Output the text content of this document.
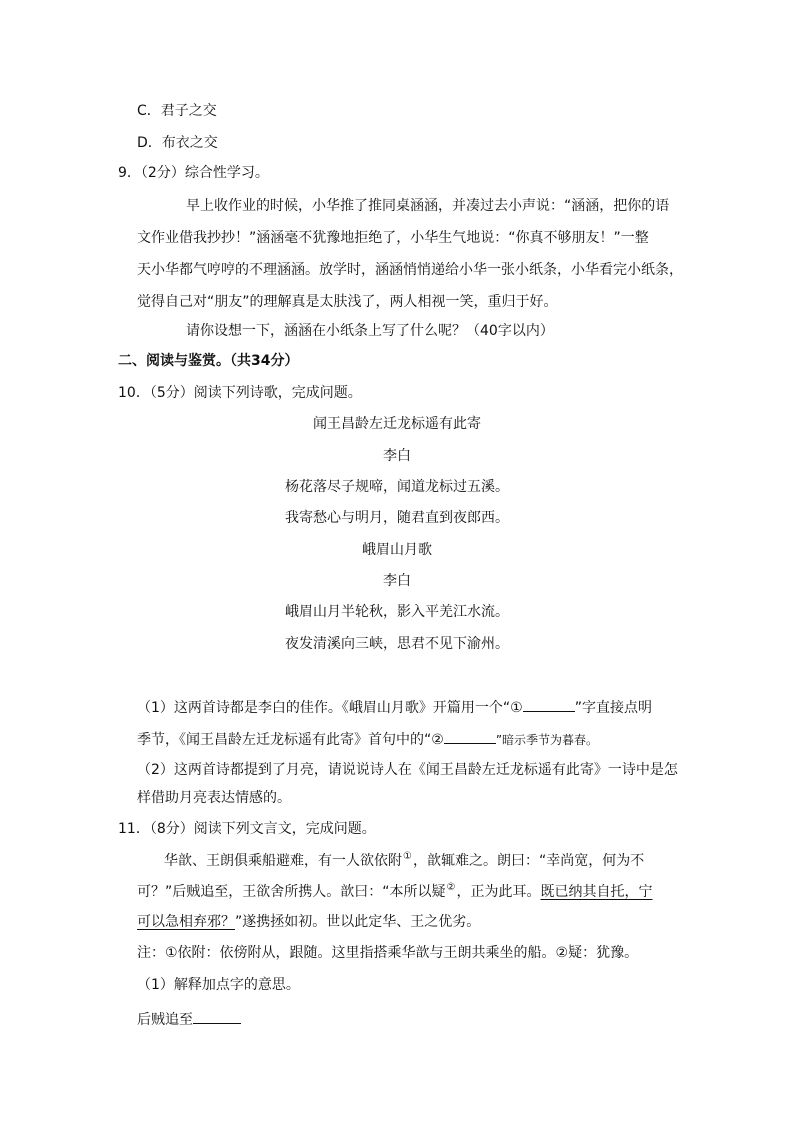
C．君子之交
D．布衣之交
9．（2分）综合性学习。
早上收作业的时候，小华推了推同桌涵涵，并凑过去小声说：“涵涵，把你的语
文作业借我抄抄！”涵涵毫不犹豫地拒绝了，小华生气地说：“你真不够朋友！”一整
天小华都气哼哼的不理涵涵。放学时，涵涵悄悄递给小华一张小纸条，小华看完小纸条，
觉得自己对“朋友”的理解真是太肤浅了，两人相视一笑，重归于好。
请你设想一下，涵涵在小纸条上写了什么呢？（40字以内）
二、阅读与鉴赏。（共34分）
10．（5分）阅读下列诗歌，完成问题。
闻王昌龄左迁龙标遥有此寄
李白
杨花落尽子规啼，闻道龙标过五溪。
我寄愁心与明月，随君直到夜郎西。
峨眉山月歌
李白
峨眉山月半轮秋，影入平羌江水流。
夜发清溪向三峡，思君不见下渝州。
（1）这两首诗都是李白的佳作。《峨眉山月歌》开篇用一个“①	”字直接点明
季节，《闻王昌龄左迁龙标遥有此寄》首句中的“②	”暗示季节为暮春。
（2）这两首诗都提到了月亮，请说说诗人在《闻王昌龄左迁龙标遥有此寄》一诗中是怎
样借助月亮表达情感的。
11．（8分）阅读下列文言文，完成问题。
华歆、王朗俱乘船避难，有一人欲依附①，歆辄难之。朗曰：“幸尚宽，何为不
可？”后贼追至，王欲舍所携人。歆曰：“本所以疑②，正为此耳。既已纳其自托，宁
可以急相弃邪？”遂携拯如初。世以此定华、王之优劣。
注：①依附：依傍附从，跟随。这里指搭乘华歆与王朗共乘坐的船。②疑：犹豫。
（1）解释加点字的意思。
后贼追至
